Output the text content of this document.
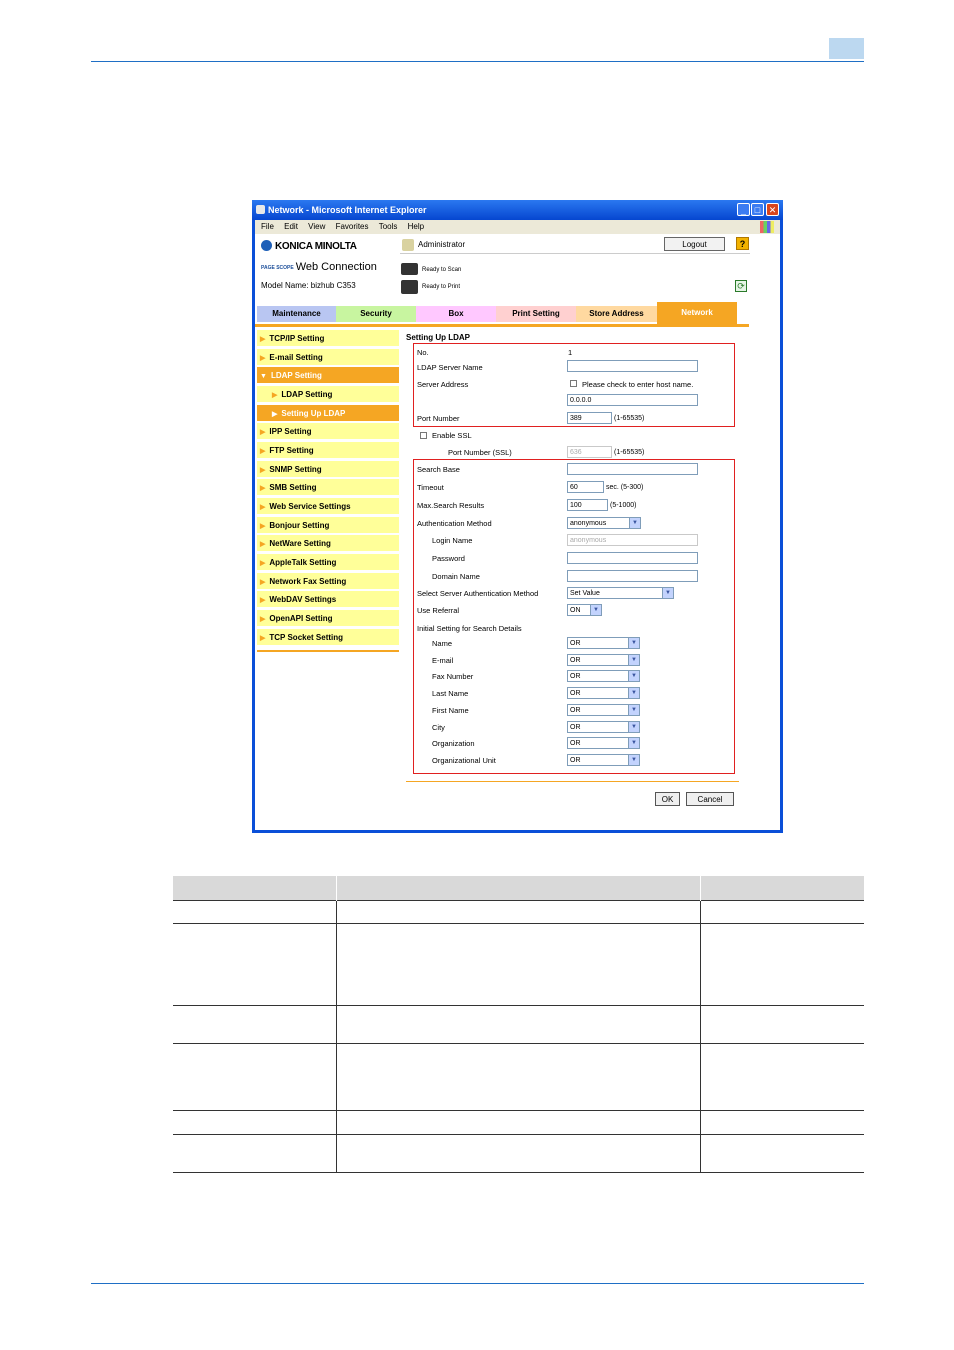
Network - Microsoft Internet Explorer	_ □ ✕
File Edit View Favorites Tools Help
KONICA MINOLTA
PAGE SCOPE Web Connection
Model Name: bizhub C353
Administrator	Logout	?
Ready to Scan
Ready to Print	⟳
Maintenance	Security	Box	Print Setting	Store Address	Network
▶ TCP/IP Setting
▶ E-mail Setting
▼ LDAP Setting
▶ LDAP Setting
▶ Setting Up LDAP
▶ IPP Setting
▶ FTP Setting
▶ SNMP Setting
▶ SMB Setting
▶ Web Service Settings
▶ Bonjour Setting
▶ NetWare Setting
▶ AppleTalk Setting
▶ Network Fax Setting
▶ WebDAV Settings
▶ OpenAPI Setting
▶ TCP Socket Setting
Setting Up LDAP
No.	1
LDAP Server Name
Server Address	Please check to enter host name.
0.0.0.0
Port Number	389	(1-65535)
Enable SSL
Port Number (SSL)	636	(1-65535)
Search Base
Timeout	60	sec. (5-300)
Max.Search Results	100	(5-1000)
Authentication Method	anonymous	▼
Login Name	anonymous
Password
Domain Name
Select Server Authentication Method	Set Value	▼
Use Referral	ON	▼
Initial Setting for Search Details
Name	OR	▼
E-mail	OR	▼
Fax Number	OR	▼
Last Name	OR	▼
First Name	OR	▼
City	OR	▼
Organization	OR	▼
Organizational Unit	OR	▼
OK	Cancel
